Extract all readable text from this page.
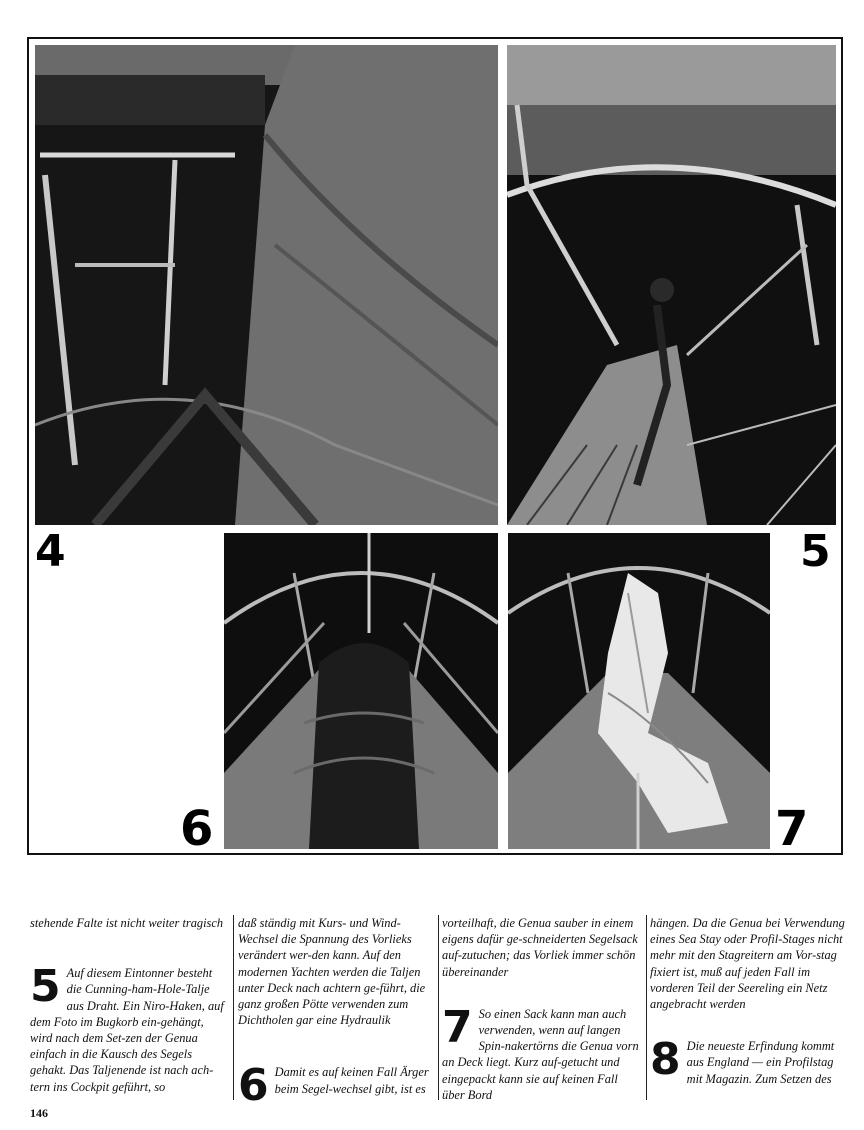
4	5
6	7

stehende Falte ist nicht weiter tragisch

5 Auf diesem Eintonner besteht die Cunning-ham-Hole-Talje aus Draht. Ein Niro-Haken, auf dem Foto im Bugkorb ein-gehängt, wird nach dem Set-zen der Genua einfach in die Kausch des Segels gehakt. Das Taljenende ist nach ach-tern ins Cockpit geführt, so

daß ständig mit Kurs- und Wind-Wechsel die Spannung des Vorlieks verändert wer-den kann. Auf den modernen Yachten werden die Taljen unter Deck nach achtern ge-führt, die ganz großen Pötte verwenden zum Dichtholen gar eine Hydraulik

6 Damit es auf keinen Fall Ärger beim Segel-wechsel gibt, ist es

vorteilhaft, die Genua sauber in einem eigens dafür ge-schneiderten Segelsack auf-zutuchen; das Vorliek immer schön übereinander

7 So einen Sack kann man auch verwenden, wenn auf langen Spin-nakertörns die Genua vorn an Deck liegt. Kurz auf-getucht und eingepackt kann sie auf keinen Fall über Bord

hängen. Da die Genua bei Verwendung eines Sea Stay oder Profil-Stages nicht mehr mit den Stagreitern am Vor-stag fixiert ist, muß auf jeden Fall im vorderen Teil der Seereling ein Netz angebracht werden

8 Die neueste Erfindung kommt aus England — ein Profilstag mit Magazin. Zum Setzen des

146
